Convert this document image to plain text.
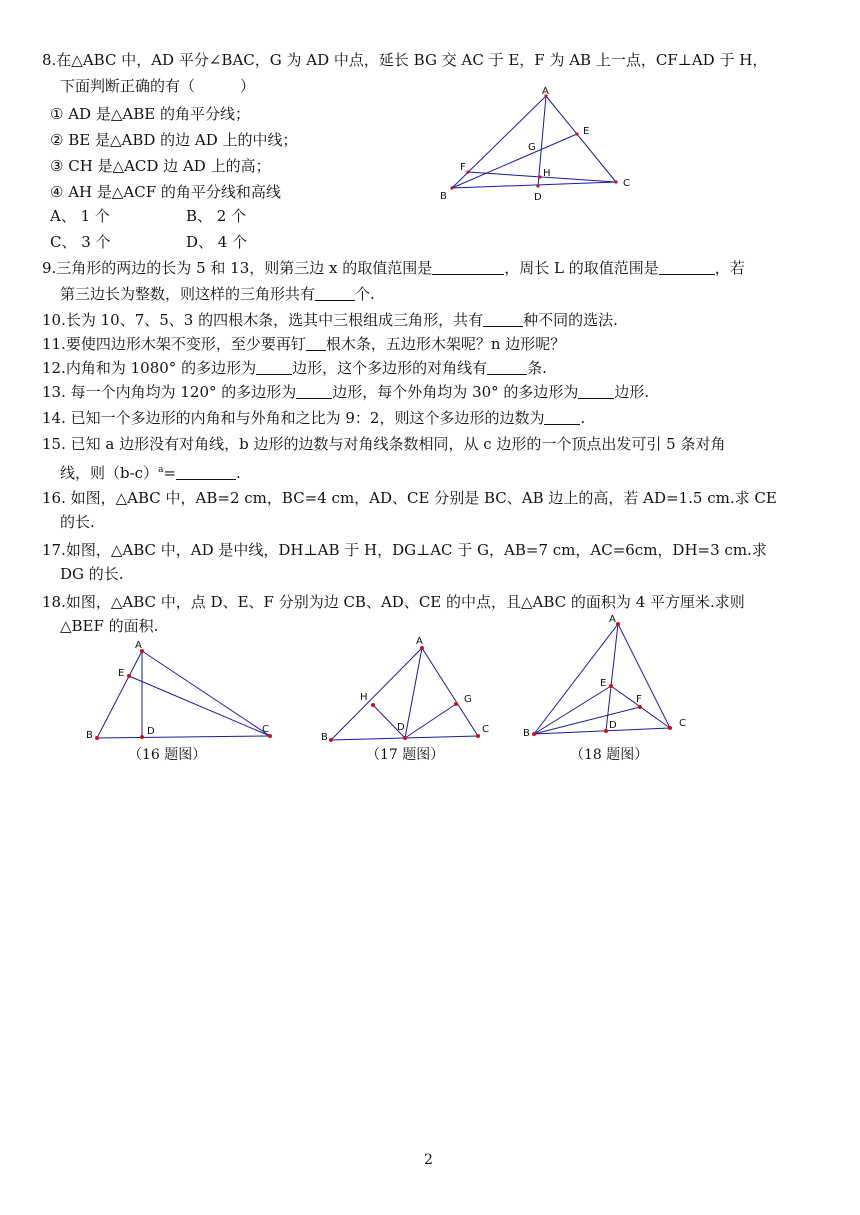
8.在△ABC 中，AD 平分∠BAC，G 为 AD 中点，延长 BG 交 AC 于 E，F 为 AB 上一点，CF⊥AD 于 H，
下面判断正确的有（　　　）
① AD 是△ABE 的角平分线；
② BE 是△ABD 的边 AD 上的中线；
③ CH 是△ACD 边 AD 上的高；
④ AH 是△ACF 的角平分线和高线
A、 1 个	B、 2 个
C、 3 个	D、 4 个
A
E
G
F
H
C
B	D
9.三角形的两边的长为 5 和 13，则第三边 x 的取值范围是	，周长 L 的取值范围是	，若
第三边长为整数，则这样的三角形共有	个.
10.长为 10、7、5、3 的四根木条，选其中三根组成三角形，共有	种不同的选法.
11.要使四边形木架不变形，至少要再钉 根木条，五边形木架呢？n 边形呢？
12.内角和为 1080° 的多边形为 边形，这个多边形的对角线有	条.
13. 每一个内角均为 120° 的多边形为 边形，每个外角均为 30° 的多边形为 边形.
14. 已知一个多边形的内角和与外角和之比为 9：2，则这个多边形的边数为 .
15. 已知 a 边形没有对角线，b 边形的边数与对角线条数相同，从 c 边形的一个顶点出发可引 5 条对角
线，则$(b-c)^a=$	.
16. 如图，△ABC 中，AB=2 cm，BC=4 cm，AD、CE 分别是 BC、AB 边上的高，若 AD=1.5 cm.求 CE
的长.
17.如图，△ABC 中，AD 是中线，DH⊥AB 于 H，DG⊥AC 于 G，AB=7 cm，AC=6cm，DH=3 cm.求
DG 的长.
18.如图，△ABC 中，点 D、E、F 分别为边 CB、AD、CE 的中点，且△ABC 的面积为 4 平方厘米.求则
△BEF 的面积.
A
E
B	D	C
（16 题图）
A
H	G
D
B
C
（17 题图）
A
E
F
D
B
C
（18 题图）
2
